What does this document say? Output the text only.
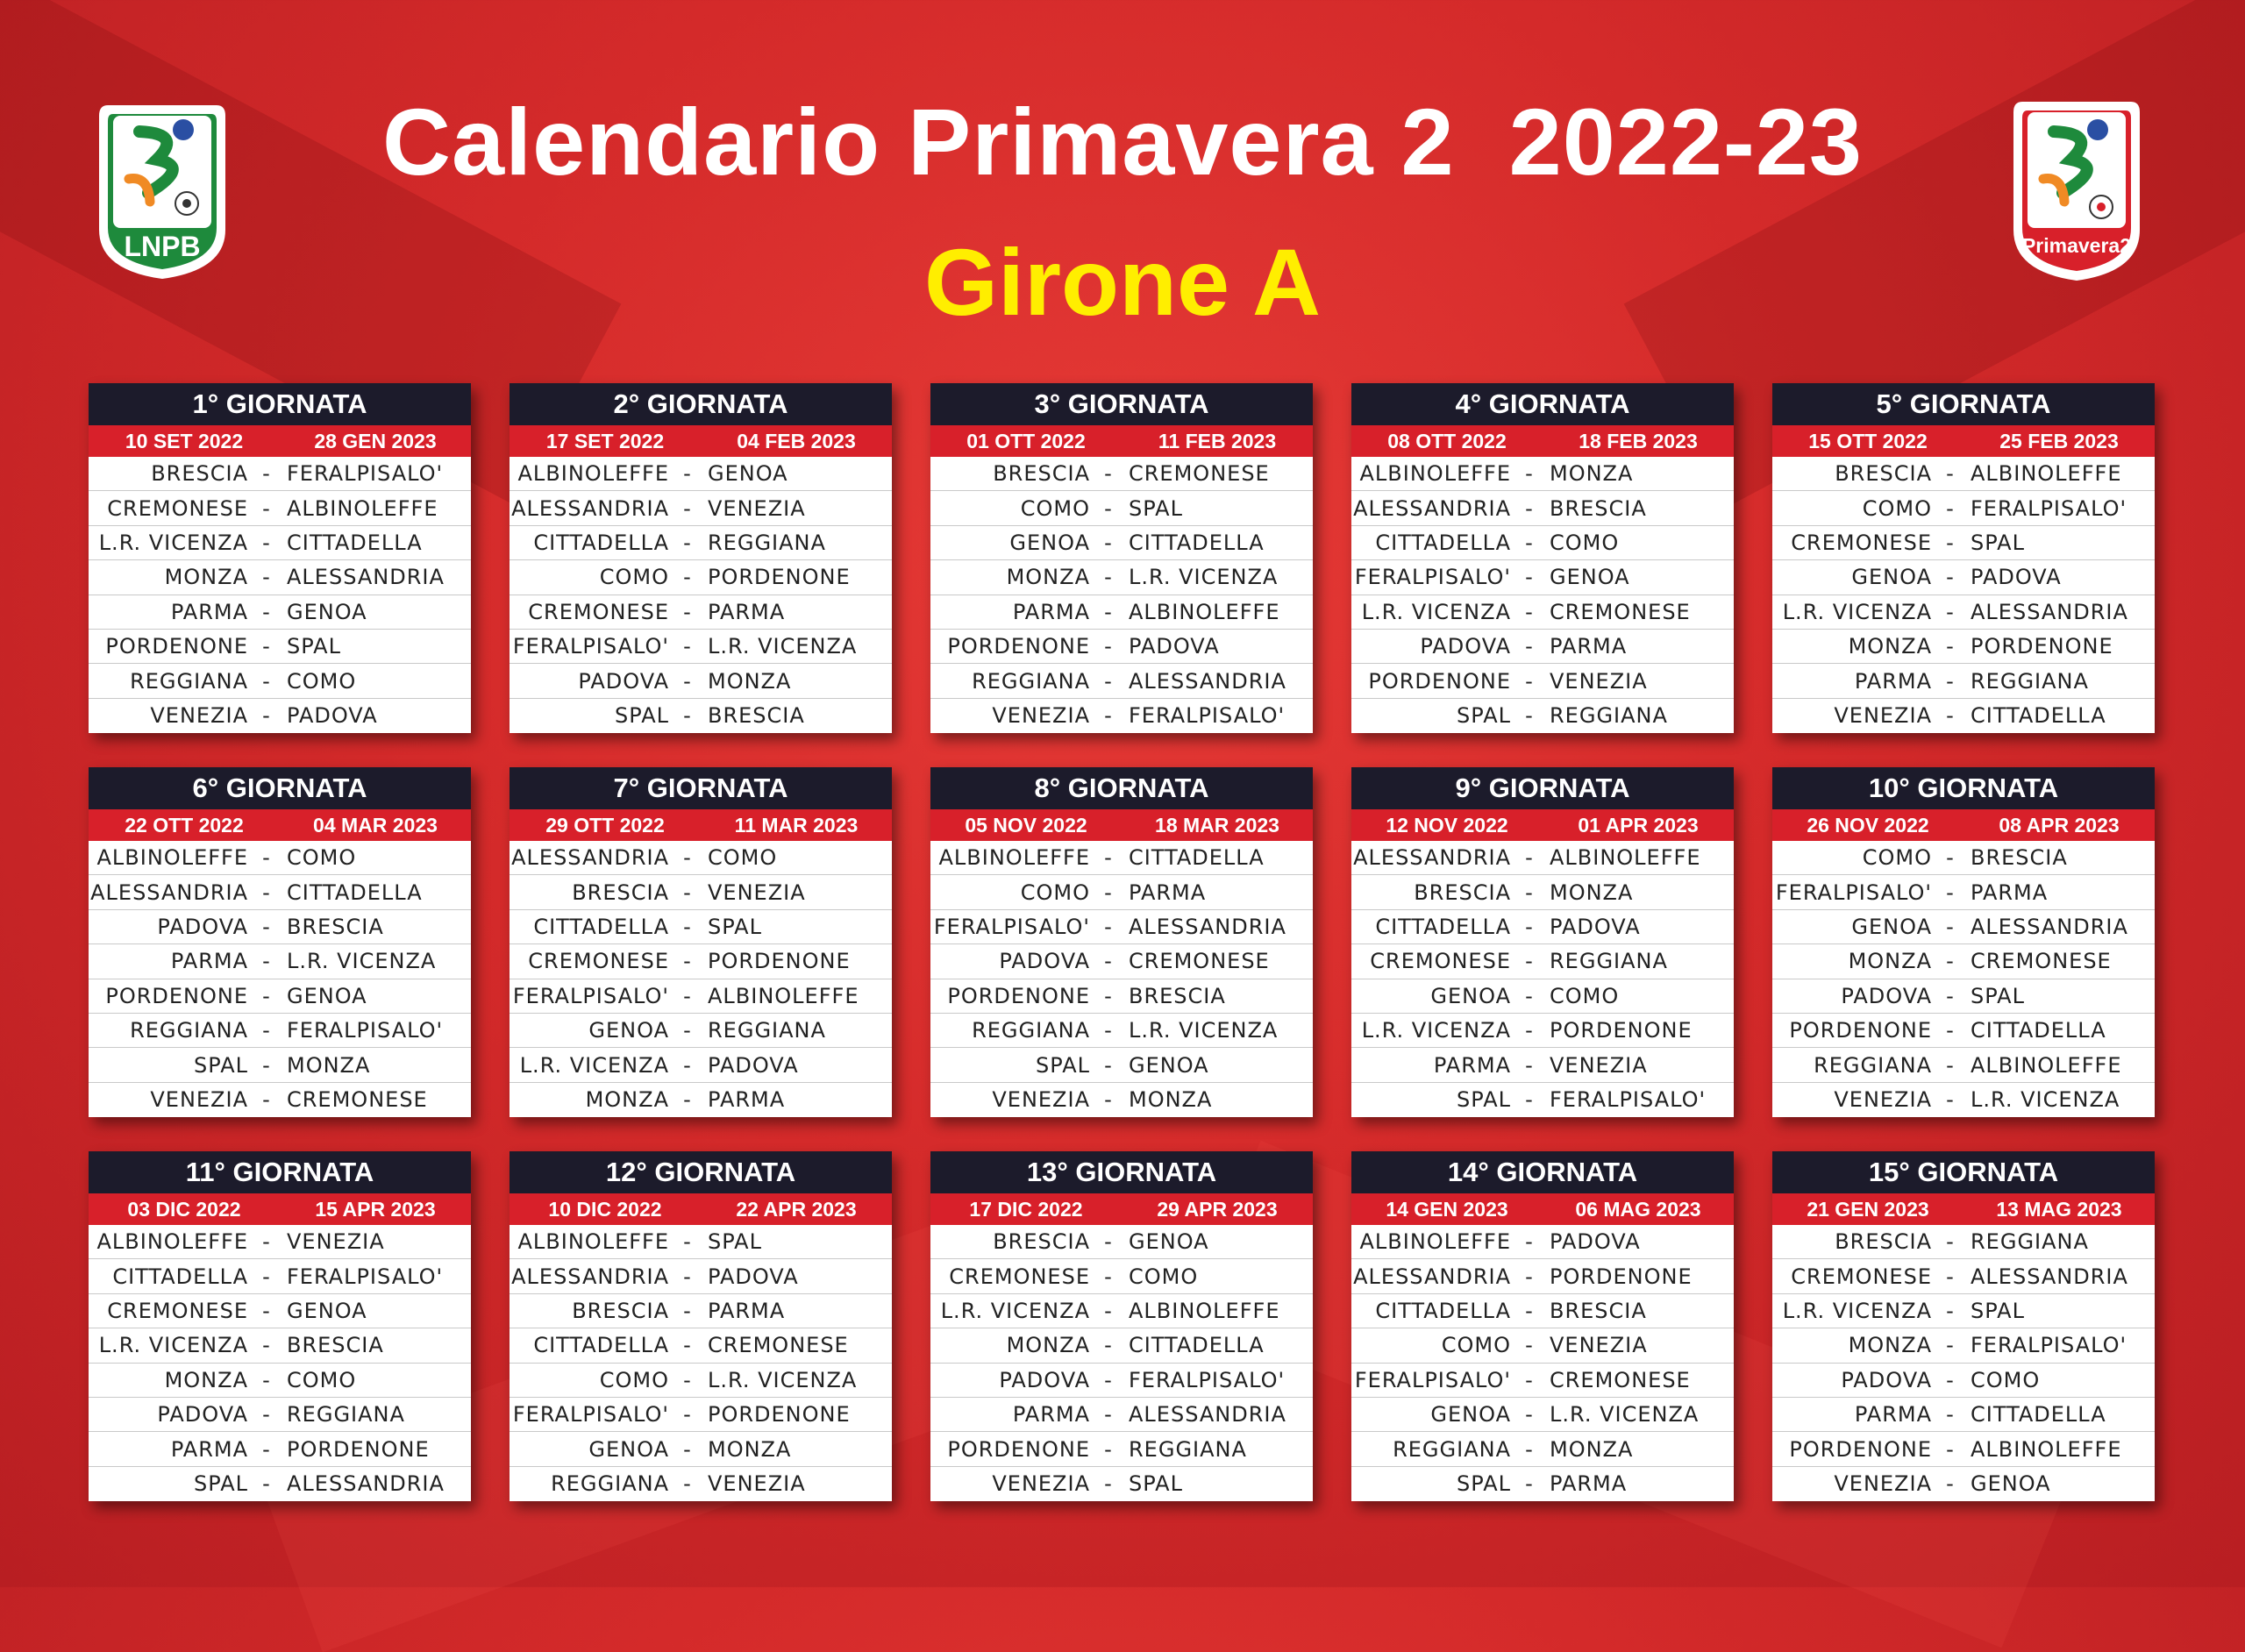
LNPB	Primavera2
Calendario Primavera 2  2022-23
Girone A
1° GIORNATA
10 SET 2022	28 GEN 2023
BRESCIA - FERALPISALO'
CREMONESE - ALBINOLEFFE
L.R. VICENZA - CITTADELLA
MONZA - ALESSANDRIA
PARMA - GENOA
PORDENONE - SPAL
REGGIANA - COMO
VENEZIA - PADOVA
2° GIORNATA
17 SET 2022	04 FEB 2023
ALBINOLEFFE - GENOA
ALESSANDRIA - VENEZIA
CITTADELLA - REGGIANA
COMO - PORDENONE
CREMONESE - PARMA
FERALPISALO' - L.R. VICENZA
PADOVA - MONZA
SPAL - BRESCIA
3° GIORNATA
01 OTT 2022	11 FEB 2023
BRESCIA - CREMONESE
COMO - SPAL
GENOA - CITTADELLA
MONZA - L.R. VICENZA
PARMA - ALBINOLEFFE
PORDENONE - PADOVA
REGGIANA - ALESSANDRIA
VENEZIA - FERALPISALO'
4° GIORNATA
08 OTT 2022	18 FEB 2023
ALBINOLEFFE - MONZA
ALESSANDRIA - BRESCIA
CITTADELLA - COMO
FERALPISALO' - GENOA
L.R. VICENZA - CREMONESE
PADOVA - PARMA
PORDENONE - VENEZIA
SPAL - REGGIANA
5° GIORNATA
15 OTT 2022	25 FEB 2023
BRESCIA - ALBINOLEFFE
COMO - FERALPISALO'
CREMONESE - SPAL
GENOA - PADOVA
L.R. VICENZA - ALESSANDRIA
MONZA - PORDENONE
PARMA - REGGIANA
VENEZIA - CITTADELLA
6° GIORNATA
22 OTT 2022	04 MAR 2023
ALBINOLEFFE - COMO
ALESSANDRIA - CITTADELLA
PADOVA - BRESCIA
PARMA - L.R. VICENZA
PORDENONE - GENOA
REGGIANA - FERALPISALO'
SPAL - MONZA
VENEZIA - CREMONESE
7° GIORNATA
29 OTT 2022	11 MAR 2023
ALESSANDRIA - COMO
BRESCIA - VENEZIA
CITTADELLA - SPAL
CREMONESE - PORDENONE
FERALPISALO' - ALBINOLEFFE
GENOA - REGGIANA
L.R. VICENZA - PADOVA
MONZA - PARMA
8° GIORNATA
05 NOV 2022	18 MAR 2023
ALBINOLEFFE - CITTADELLA
COMO - PARMA
FERALPISALO' - ALESSANDRIA
PADOVA - CREMONESE
PORDENONE - BRESCIA
REGGIANA - L.R. VICENZA
SPAL - GENOA
VENEZIA - MONZA
9° GIORNATA
12 NOV 2022	01 APR 2023
ALESSANDRIA - ALBINOLEFFE
BRESCIA - MONZA
CITTADELLA - PADOVA
CREMONESE - REGGIANA
GENOA - COMO
L.R. VICENZA - PORDENONE
PARMA - VENEZIA
SPAL - FERALPISALO'
10° GIORNATA
26 NOV 2022	08 APR 2023
COMO - BRESCIA
FERALPISALO' - PARMA
GENOA - ALESSANDRIA
MONZA - CREMONESE
PADOVA - SPAL
PORDENONE - CITTADELLA
REGGIANA - ALBINOLEFFE
VENEZIA - L.R. VICENZA
11° GIORNATA
03 DIC 2022	15 APR 2023
ALBINOLEFFE - VENEZIA
CITTADELLA - FERALPISALO'
CREMONESE - GENOA
L.R. VICENZA - BRESCIA
MONZA - COMO
PADOVA - REGGIANA
PARMA - PORDENONE
SPAL - ALESSANDRIA
12° GIORNATA
10 DIC 2022	22 APR 2023
ALBINOLEFFE - SPAL
ALESSANDRIA - PADOVA
BRESCIA - PARMA
CITTADELLA - CREMONESE
COMO - L.R. VICENZA
FERALPISALO' - PORDENONE
GENOA - MONZA
REGGIANA - VENEZIA
13° GIORNATA
17 DIC 2022	29 APR 2023
BRESCIA - GENOA
CREMONESE - COMO
L.R. VICENZA - ALBINOLEFFE
MONZA - CITTADELLA
PADOVA - FERALPISALO'
PARMA - ALESSANDRIA
PORDENONE - REGGIANA
VENEZIA - SPAL
14° GIORNATA
14 GEN 2023	06 MAG 2023
ALBINOLEFFE - PADOVA
ALESSANDRIA - PORDENONE
CITTADELLA - BRESCIA
COMO - VENEZIA
FERALPISALO' - CREMONESE
GENOA - L.R. VICENZA
REGGIANA - MONZA
SPAL - PARMA
15° GIORNATA
21 GEN 2023	13 MAG 2023
BRESCIA - REGGIANA
CREMONESE - ALESSANDRIA
L.R. VICENZA - SPAL
MONZA - FERALPISALO'
PADOVA - COMO
PARMA - CITTADELLA
PORDENONE - ALBINOLEFFE
VENEZIA - GENOA
